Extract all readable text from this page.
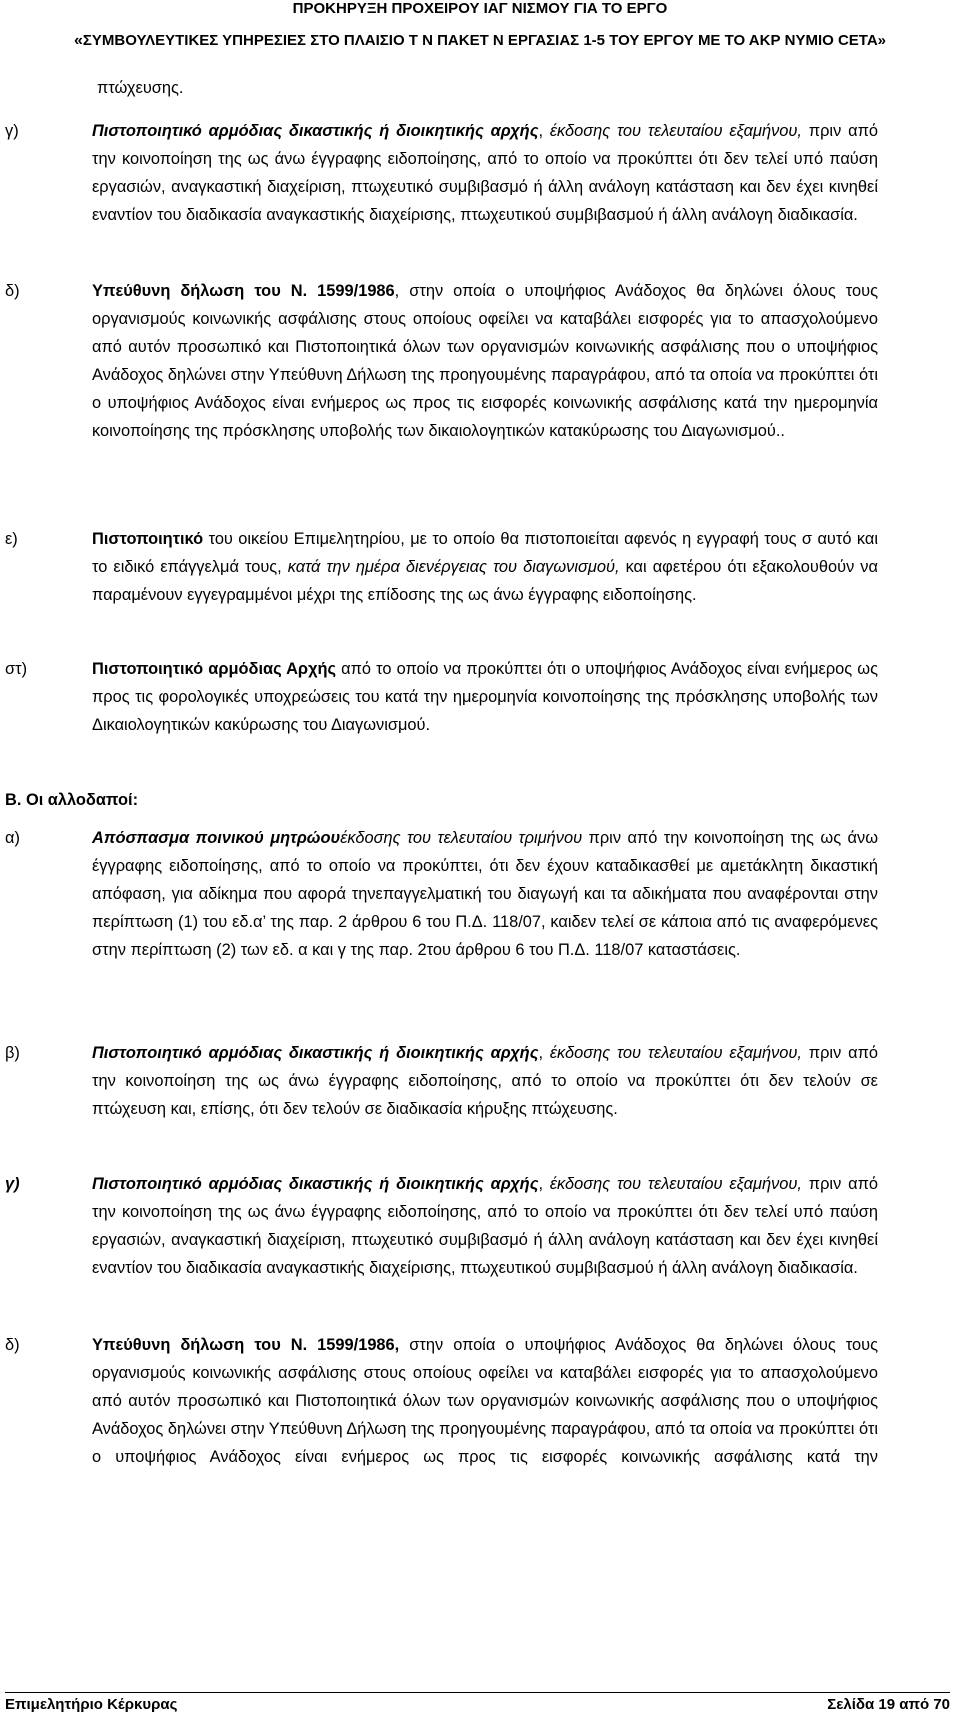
ΠΡΟΚΗΡΥΞΗ ΠΡΟΧΕΙΡΟΥ ΙΑΓ ΝΙΣΜΟΥ ΓΙΑ ΤΟ ΕΡΓΟ
«ΣΥΜΒΟΥΛΕΥΤΙΚΕΣ ΥΠΗΡΕΣΙΕΣ ΣΤΟ ΠΛΑΙΣΙΟ Τ Ν ΠΑΚΕΤ Ν ΕΡΓΑΣΙΑΣ 1-5 ΤΟΥ ΕΡΓΟΥ ΜΕ ΤΟ ΑΚΡ ΝΥΜΙΟ CETA»
πτώχευσης.
γ)	Πιστοποιητικό αρμόδιας δικαστικής ή διοικητικής αρχής, έκδοσης του τελευταίου εξαμήνου, πριν από την κοινοποίηση της ως άνω έγγραφης ειδοποίησης, από το οποίο να προκύπτει ότι δεν τελεί υπό παύση εργασιών, αναγκαστική διαχείριση, πτωχευτικό συμβιβασμό ή άλλη ανάλογη κατάσταση και δεν έχει κινηθεί εναντίον του διαδικασία αναγκαστικής διαχείρισης, πτωχευτικού συμβιβασμού ή άλλη ανάλογη διαδικασία.
δ)	Υπεύθυνη δήλωση του Ν. 1599/1986, στην οποία ο υποψήφιος Ανάδοχος θα δηλώνει όλους τους οργανισμούς κοινωνικής ασφάλισης στους οποίους οφείλει να καταβάλει εισφορές για το απασχολούμενο από αυτόν προσωπικό και Πιστοποιητικά όλων των οργανισμών κοινωνικής ασφάλισης που ο υποψήφιος Ανάδοχος δηλώνει στην Υπεύθυνη Δήλωση της προηγουμένης παραγράφου, από τα οποία να προκύπτει ότι ο υποψήφιος Ανάδοχος είναι ενήμερος ως προς τις εισφορές κοινωνικής ασφάλισης κατά την ημερομηνία κοινοποίησης της πρόσκλησης υποβολής των δικαιολογητικών κατακύρωσης του Διαγωνισμού..
ε)	Πιστοποιητικό του οικείου Επιμελητηρίου, με το οποίο θα πιστοποιείται αφενός η εγγραφή τους σ αυτό και το ειδικό επάγγελμά τους, κατά την ημέρα διενέργειας του διαγωνισμού, και αφετέρου ότι εξακολουθούν να παραμένουν εγγεγραμμένοι μέχρι της επίδοσης της ως άνω έγγραφης ειδοποίησης.
στ)	Πιστοποιητικό αρμόδιας Αρχής από το οποίο να προκύπτει ότι ο υποψήφιος Ανάδοχος είναι ενήμερος ως προς τις φορολογικές υποχρεώσεις του κατά την ημερομηνία κοινοποίησης της πρόσκλησης υποβολής των Δικαιολογητικών κακύρωσης του Διαγωνισμού.
Β. Οι αλλοδαποί:
α)	Απόσπασμα ποινικού μητρώουέκδοσης του τελευταίου τριμήνου πριν από την κοινοποίηση της ως άνω έγγραφης ειδοποίησης, από το οποίο να προκύπτει, ότι δεν έχουν καταδικασθεί με αμετάκλητη δικαστική απόφαση, για αδίκημα που αφορά τηνεπαγγελματική του διαγωγή και τα αδικήματα που αναφέρονται στην περίπτωση (1) του εδ.α’ της παρ. 2 άρθρου 6 του Π.Δ. 118/07, καιδεν τελεί σε κάποια από τις αναφερόμενες στην περίπτωση (2) των εδ. α και γ της παρ. 2του άρθρου 6 του Π.Δ. 118/07 καταστάσεις.
β)	Πιστοποιητικό αρμόδιας δικαστικής ή διοικητικής αρχής, έκδοσης του τελευταίου εξαμήνου, πριν από την κοινοποίηση της ως άνω έγγραφης ειδοποίησης, από το οποίο να προκύπτει ότι δεν τελούν σε πτώχευση και, επίσης, ότι δεν τελούν σε διαδικασία κήρυξης πτώχευσης.
γ)	Πιστοποιητικό αρμόδιας δικαστικής ή διοικητικής αρχής, έκδοσης του τελευταίου εξαμήνου, πριν από την κοινοποίηση της ως άνω έγγραφης ειδοποίησης, από το οποίο να προκύπτει ότι δεν τελεί υπό παύση εργασιών, αναγκαστική διαχείριση, πτωχευτικό συμβιβασμό ή άλλη ανάλογη κατάσταση και δεν έχει κινηθεί εναντίον του διαδικασία αναγκαστικής διαχείρισης, πτωχευτικού συμβιβασμού ή άλλη ανάλογη διαδικασία.
δ)	Υπεύθυνη δήλωση του Ν. 1599/1986, στην οποία ο υποψήφιος Ανάδοχος θα δηλώνει όλους τους οργανισμούς κοινωνικής ασφάλισης στους οποίους οφείλει να καταβάλει εισφορές για το απασχολούμενο από αυτόν προσωπικό και Πιστοποιητικά όλων των οργανισμών κοινωνικής ασφάλισης που ο υποψήφιος Ανάδοχος δηλώνει στην Υπεύθυνη Δήλωση της προηγουμένης παραγράφου, από τα οποία να προκύπτει ότι ο υποψήφιος Ανάδοχος είναι ενήμερος ως προς τις εισφορές κοινωνικής ασφάλισης κατά την
Επιμελητήριο Κέρκυρας	Σελίδα 19 από 70
